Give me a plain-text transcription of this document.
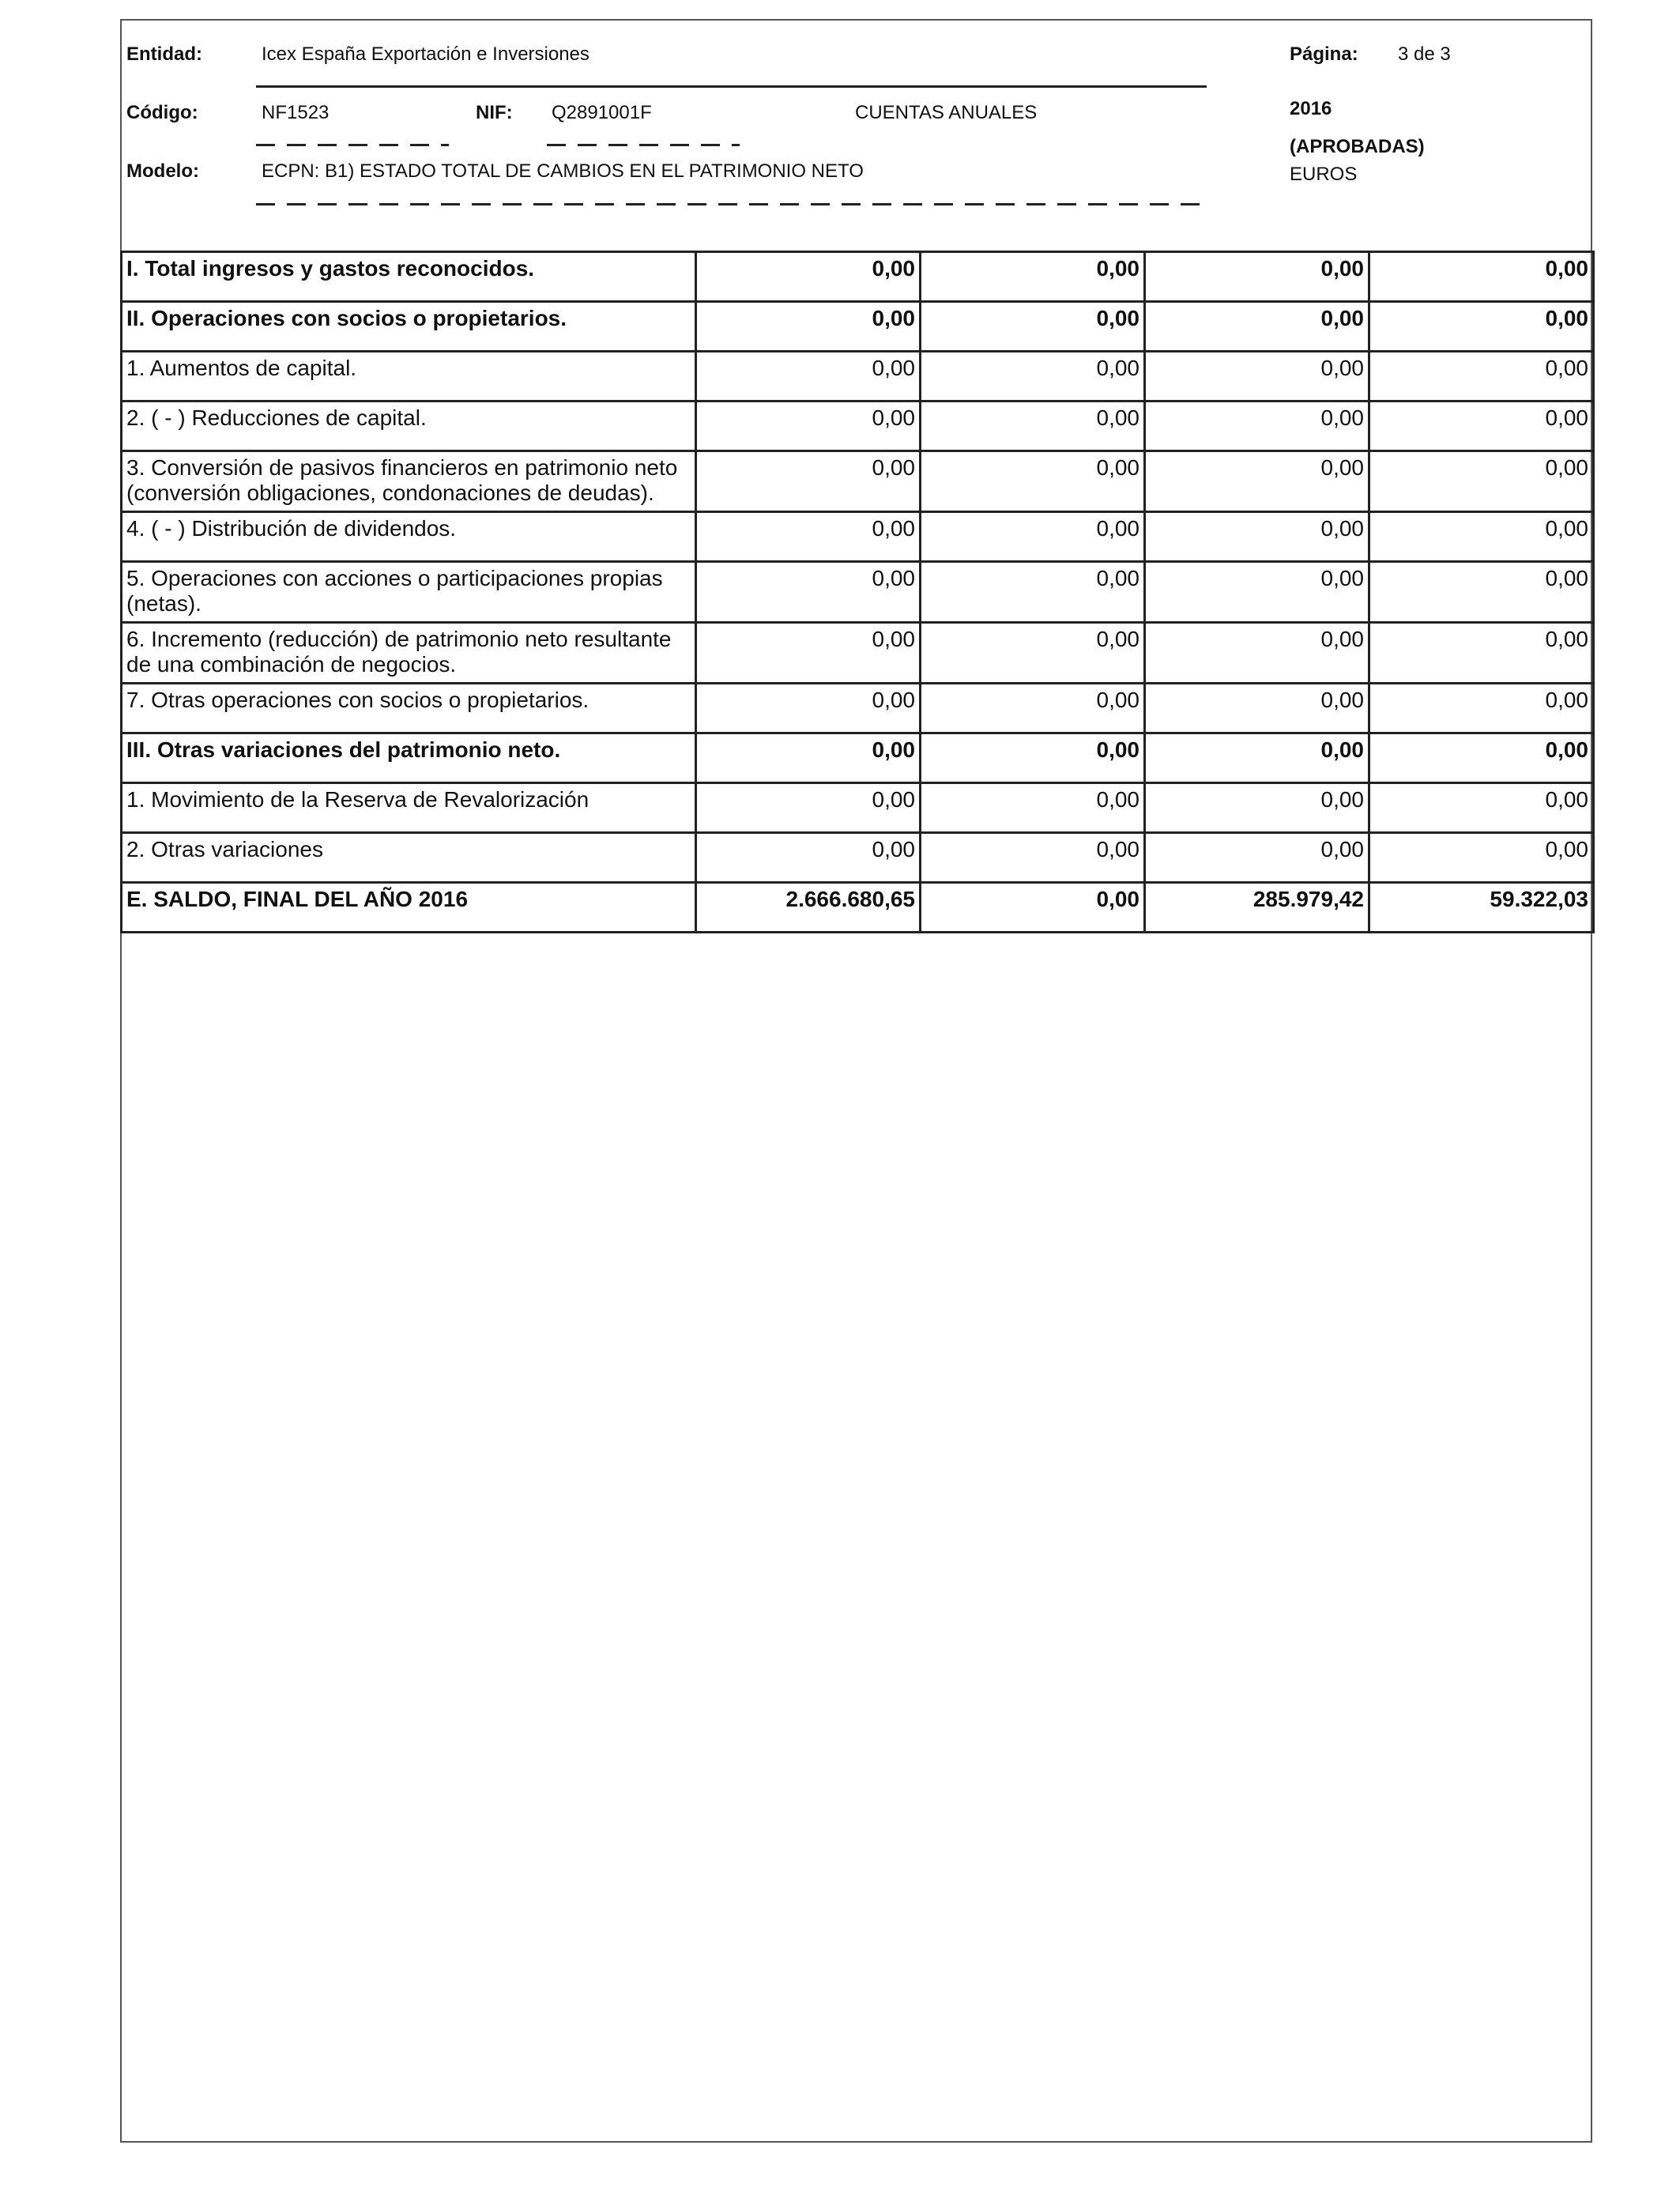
Entidad:	Icex España Exportación e Inversiones	Página: 3 de 3
Código:	NF1523	NIF: Q2891001F	CUENTAS ANUALES	2016
(APROBADAS)
Modelo:	ECPN: B1) ESTADO TOTAL DE CAMBIOS EN EL PATRIMONIO NETO	EUROS
I. Total ingresos y gastos reconocidos.	0,00	0,00	0,00	0,00
II. Operaciones con socios o propietarios.	0,00	0,00	0,00	0,00
1. Aumentos de capital.	0,00	0,00	0,00	0,00
2. ( - ) Reducciones de capital.	0,00	0,00	0,00	0,00
3. Conversión de pasivos financieros en patrimonio neto (conversión obligaciones, condonaciones de deudas).	0,00	0,00	0,00	0,00
4. ( - ) Distribución de dividendos.	0,00	0,00	0,00	0,00
5. Operaciones con acciones o participaciones propias (netas).	0,00	0,00	0,00	0,00
6. Incremento (reducción) de patrimonio neto resultante de una combinación de negocios.	0,00	0,00	0,00	0,00
7. Otras operaciones con socios o propietarios.	0,00	0,00	0,00	0,00
III. Otras variaciones del patrimonio neto.	0,00	0,00	0,00	0,00
1. Movimiento de la Reserva de Revalorización	0,00	0,00	0,00	0,00
2. Otras variaciones	0,00	0,00	0,00	0,00
E. SALDO, FINAL DEL AÑO 2016	2.666.680,65	0,00	285.979,42	59.322,03
